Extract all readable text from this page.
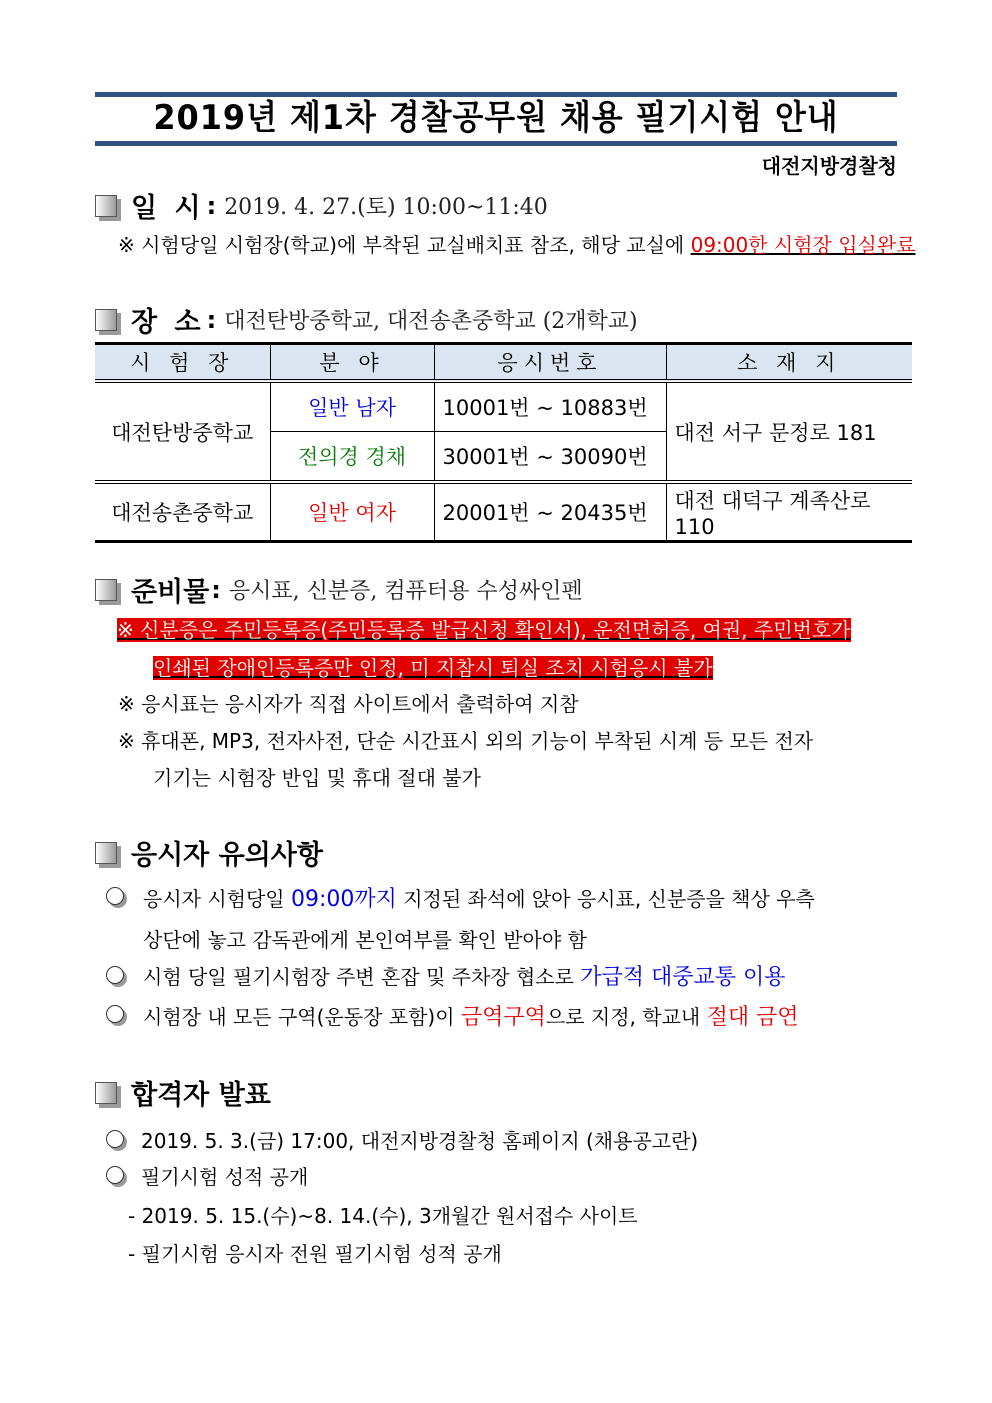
2019년 제1차 경찰공무원 채용 필기시험 안내
대전지방경찰청
일 시 : 2019. 4. 27.(토) 10:00~11:40
※ 시험당일 시험장(학교)에 부착된 교실배치표 참조, 해당 교실에 09:00한 시험장 입실완료
장 소 : 대전탄방중학교, 대전송촌중학교 (2개학교)
시 험 장	분 야	응시번호	소 재 지
대전탄방중학교	일반 남자	10001번 ~ 10883번	대전 서구 문정로 181
	전의경 경채	30001번 ~ 30090번	
대전송촌중학교	일반 여자	20001번 ~ 20435번	대전 대덕구 계족산로 110
준비물 : 응시표, 신분증, 컴퓨터용 수성싸인펜
※ 신분증은 주민등록증(주민등록증 발급신청 확인서), 운전면허증, 여권, 주민번호가
인쇄된 장애인등록증만 인정, 미 지참시 퇴실 조치 시험응시 불가
※ 응시표는 응시자가 직접 사이트에서 출력하여 지참
※ 휴대폰, MP3, 전자사전, 단순 시간표시 외의 기능이 부착된 시계 등 모든 전자
기기는 시험장 반입 및 휴대 절대 불가
응시자 유의사항
응시자 시험당일 09:00까지 지정된 좌석에 앉아 응시표, 신분증을 책상 우측
상단에 놓고 감독관에게 본인여부를 확인 받아야 함
시험 당일 필기시험장 주변 혼잡 및 주차장 협소로 가급적 대중교통 이용
시험장 내 모든 구역(운동장 포함)이 금역구역으로 지정, 학교내 절대 금연
합격자 발표
2019. 5. 3.(금) 17:00, 대전지방경찰청 홈페이지 (채용공고란)
필기시험 성적 공개
- 2019. 5. 15.(수)~8. 14.(수), 3개월간 원서접수 사이트
- 필기시험 응시자 전원 필기시험 성적 공개
